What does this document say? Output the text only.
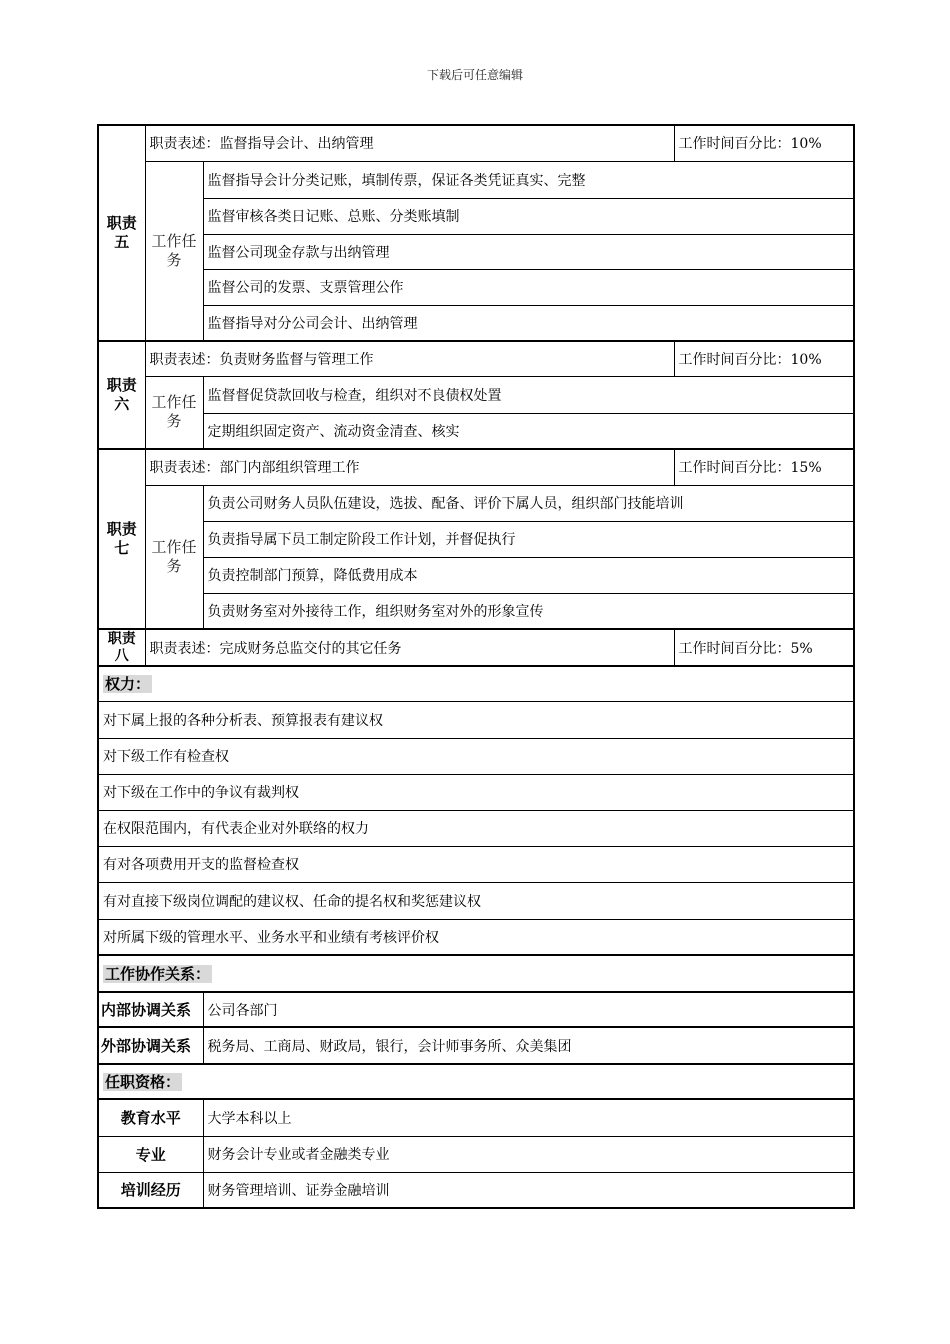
下载后可任意编辑
职责五	职责表述：监督指导会计、出纳管理		工作时间百分比：10%

	工作任务	监督指导会计分类记账，填制传票，保证各类凭证真实、完整	
		监督审核各类日记账、总账、分类账填制	
		监督公司现金存款与出纳管理	
		监督公司的发票、支票管理公作	
		监督指导对分公司会计、出纳管理	

职责六	职责表述：负责财务监督与管理工作		工作时间百分比：10%

	工作任务	监督督促贷款回收与检查，组织对不良债权处置	
		定期组织固定资产、流动资金清查、核实	

职责七	职责表述：部门内部组织管理工作		工作时间百分比：15%

	工作任务	负责公司财务人员队伍建设，选拔、配备、评价下属人员，组织部门技能培训	
		负责指导属下员工制定阶段工作计划，并督促执行	
		负责控制部门预算，降低费用成本	
		负责财务室对外接待工作，组织财务室对外的形象宣传	

职责八	职责表述：完成财务总监交付的其它任务		工作时间百分比：5%
权力：			
对下属上报的各种分析表、预算报表有建议权			
对下级工作有检查权			
对下级在工作中的争议有裁判权			
在权限范围内，有代表企业对外联络的权力			
有对各项费用开支的监督检查权			
有对直接下级岗位调配的建议权、任命的提名权和奖惩建议权			
对所属下级的管理水平、业务水平和业绩有考核评价权			
工作协作关系：			
内部协调关系		公司各部门	
外部协调关系		税务局、工商局、财政局，银行，会计师事务所、众美集团	
任职资格：			
教育水平		大学本科以上	
专业		财务会计专业或者金融类专业	
培训经历		财务管理培训、证券金融培训	
